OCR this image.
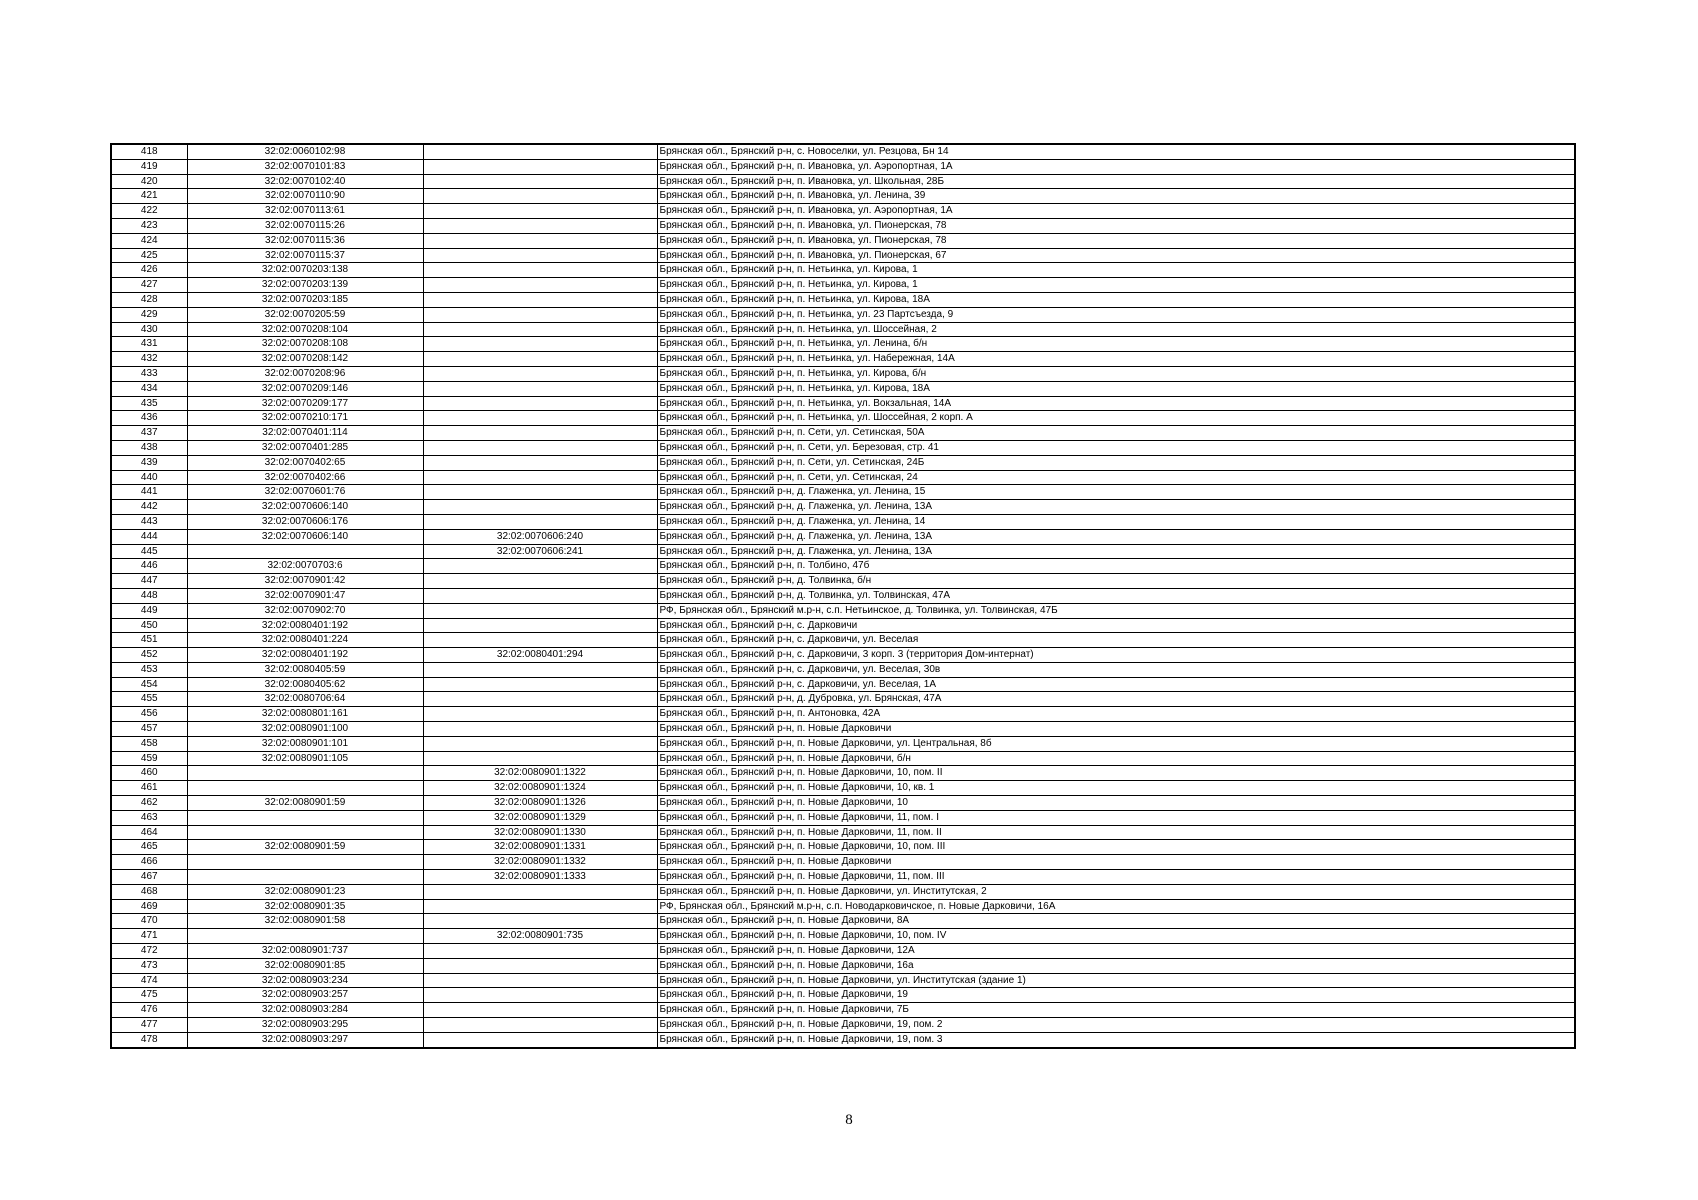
418	32:02:0060102:98		Брянская обл., Брянский р-н, с. Новоселки, ул. Резцова, Бн 14
419	32:02:0070101:83		Брянская обл., Брянский р-н, п. Ивановка, ул. Аэропортная, 1А
420	32:02:0070102:40		Брянская обл., Брянский р-н, п. Ивановка, ул. Школьная, 28Б
421	32:02:0070110:90		Брянская обл., Брянский р-н, п. Ивановка, ул. Ленина, 39
422	32:02:0070113:61		Брянская обл., Брянский р-н, п. Ивановка, ул. Аэропортная, 1А
423	32:02:0070115:26		Брянская обл., Брянский р-н, п. Ивановка, ул. Пионерская, 78
424	32:02:0070115:36		Брянская обл., Брянский р-н, п. Ивановка, ул. Пионерская, 78
425	32:02:0070115:37		Брянская обл., Брянский р-н, п. Ивановка, ул. Пионерская, 67
426	32:02:0070203:138		Брянская обл., Брянский р-н, п. Нетьинка, ул. Кирова, 1
427	32:02:0070203:139		Брянская обл., Брянский р-н, п. Нетьинка, ул. Кирова, 1
428	32:02:0070203:185		Брянская обл., Брянский р-н, п. Нетьинка, ул. Кирова, 18А
429	32:02:0070205:59		Брянская обл., Брянский р-н, п. Нетьинка, ул. 23 Партсъезда, 9
430	32:02:0070208:104		Брянская обл., Брянский р-н, п. Нетьинка, ул. Шоссейная, 2
431	32:02:0070208:108		Брянская обл., Брянский р-н, п. Нетьинка, ул. Ленина, б/н
432	32:02:0070208:142		Брянская обл., Брянский р-н, п. Нетьинка, ул. Набережная, 14А
433	32:02:0070208:96		Брянская обл., Брянский р-н, п. Нетьинка, ул. Кирова, б/н
434	32:02:0070209:146		Брянская обл., Брянский р-н, п. Нетьинка, ул. Кирова, 18А
435	32:02:0070209:177		Брянская обл., Брянский р-н, п. Нетьинка, ул. Вокзальная, 14А
436	32:02:0070210:171		Брянская обл., Брянский р-н, п. Нетьинка, ул. Шоссейная, 2 корп. А
437	32:02:0070401:114		Брянская обл., Брянский р-н, п. Сети, ул. Сетинская, 50А
438	32:02:0070401:285		Брянская обл., Брянский р-н, п. Сети, ул. Березовая, стр. 41
439	32:02:0070402:65		Брянская обл., Брянский р-н, п. Сети, ул. Сетинская, 24Б
440	32:02:0070402:66		Брянская обл., Брянский р-н, п. Сети, ул. Сетинская, 24
441	32:02:0070601:76		Брянская обл., Брянский р-н, д. Глаженка, ул. Ленина, 15
442	32:02:0070606:140		Брянская обл., Брянский р-н, д. Глаженка, ул. Ленина, 13А
443	32:02:0070606:176		Брянская обл., Брянский р-н, д. Глаженка, ул. Ленина, 14
444	32:02:0070606:140	32:02:0070606:240	Брянская обл., Брянский р-н, д. Глаженка, ул. Ленина, 13А
445		32:02:0070606:241	Брянская обл., Брянский р-н, д. Глаженка, ул. Ленина, 13А
446	32:02:0070703:6		Брянская обл., Брянский р-н, п. Толбино, 47б
447	32:02:0070901:42		Брянская обл., Брянский р-н, д. Толвинка, б/н
448	32:02:0070901:47		Брянская обл., Брянский р-н, д. Толвинка, ул. Толвинская, 47А
449	32:02:0070902:70		РФ, Брянская обл., Брянский м.р-н, с.п. Нетьинское, д. Толвинка, ул. Толвинская, 47Б
450	32:02:0080401:192		Брянская обл., Брянский р-н, с. Дарковичи
451	32:02:0080401:224		Брянская обл., Брянский р-н, с. Дарковичи, ул. Веселая
452	32:02:0080401:192	32:02:0080401:294	Брянская обл., Брянский р-н, с. Дарковичи, 3 корп. 3 (территория Дом-интернат)
453	32:02:0080405:59		Брянская обл., Брянский р-н, с. Дарковичи, ул. Веселая, 30в
454	32:02:0080405:62		Брянская обл., Брянский р-н, с. Дарковичи, ул. Веселая, 1А
455	32:02:0080706:64		Брянская обл., Брянский р-н, д. Дубровка, ул. Брянская, 47А
456	32:02:0080801:161		Брянская обл., Брянский р-н, п. Антоновка, 42А
457	32:02:0080901:100		Брянская обл., Брянский р-н, п. Новые Дарковичи
458	32:02:0080901:101		Брянская обл., Брянский р-н, п. Новые Дарковичи, ул. Центральная, 8б
459	32:02:0080901:105		Брянская обл., Брянский р-н, п. Новые Дарковичи, б/н
460		32:02:0080901:1322	Брянская обл., Брянский р-н, п. Новые Дарковичи, 10, пом. II
461		32:02:0080901:1324	Брянская обл., Брянский р-н, п. Новые Дарковичи, 10, кв. 1
462	32:02:0080901:59	32:02:0080901:1326	Брянская обл., Брянский р-н, п. Новые Дарковичи, 10
463		32:02:0080901:1329	Брянская обл., Брянский р-н, п. Новые Дарковичи, 11, пом. I
464		32:02:0080901:1330	Брянская обл., Брянский р-н, п. Новые Дарковичи, 11, пом. II
465	32:02:0080901:59	32:02:0080901:1331	Брянская обл., Брянский р-н, п. Новые Дарковичи, 10, пом. III
466		32:02:0080901:1332	Брянская обл., Брянский р-н, п. Новые Дарковичи
467		32:02:0080901:1333	Брянская обл., Брянский р-н, п. Новые Дарковичи, 11, пом. III
468	32:02:0080901:23		Брянская обл., Брянский р-н, п. Новые Дарковичи, ул. Институтская, 2
469	32:02:0080901:35		РФ, Брянская обл., Брянский м.р-н, с.п. Новодарковичское, п. Новые Дарковичи, 16А
470	32:02:0080901:58		Брянская обл., Брянский р-н, п. Новые Дарковичи, 8А
471		32:02:0080901:735	Брянская обл., Брянский р-н, п. Новые Дарковичи, 10, пом. IV
472	32:02:0080901:737		Брянская обл., Брянский р-н, п. Новые Дарковичи, 12А
473	32:02:0080901:85		Брянская обл., Брянский р-н, п. Новые Дарковичи, 16а
474	32:02:0080903:234		Брянская обл., Брянский р-н, п. Новые Дарковичи, ул. Институтская (здание 1)
475	32:02:0080903:257		Брянская обл., Брянский р-н, п. Новые Дарковичи, 19
476	32:02:0080903:284		Брянская обл., Брянский р-н, п. Новые Дарковичи, 7Б
477	32:02:0080903:295		Брянская обл., Брянский р-н, п. Новые Дарковичи, 19, пом. 2
478	32:02:0080903:297		Брянская обл., Брянский р-н, п. Новые Дарковичи, 19, пом. 3
8
